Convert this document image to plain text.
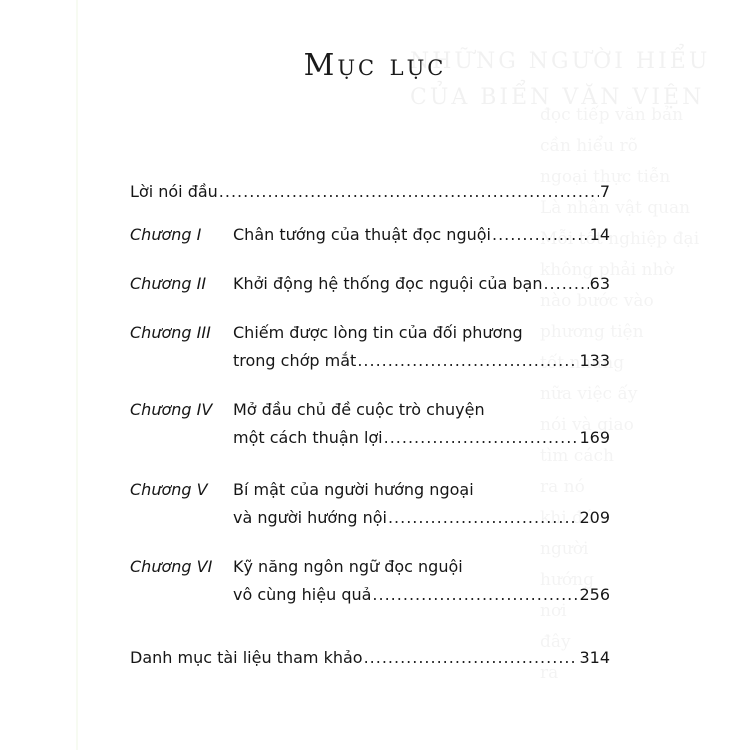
NHỮNG NGƯỜI HIỂU
CỦA BIỂN VĂN VIỆN

Mục lục
Lời nói đầu .....	7
Chương I	Chân tướng của thuật đọc nguội .....	14
Chương II	Khởi động hệ thống đọc nguội của bạn .....	63
Chương III	Chiếm được lòng tin của đối phương
trong chớp mắt .....	133
Chương IV	Mở đầu chủ đề cuộc trò chuyện
một cách thuận lợi .....	169
Chương V	Bí mật của người hướng ngoại
và người hướng nội .....	209
Chương VI	Kỹ năng ngôn ngữ đọc nguội
vô cùng hiệu quả .....	256
Danh mục tài liệu tham khảo .....	314
